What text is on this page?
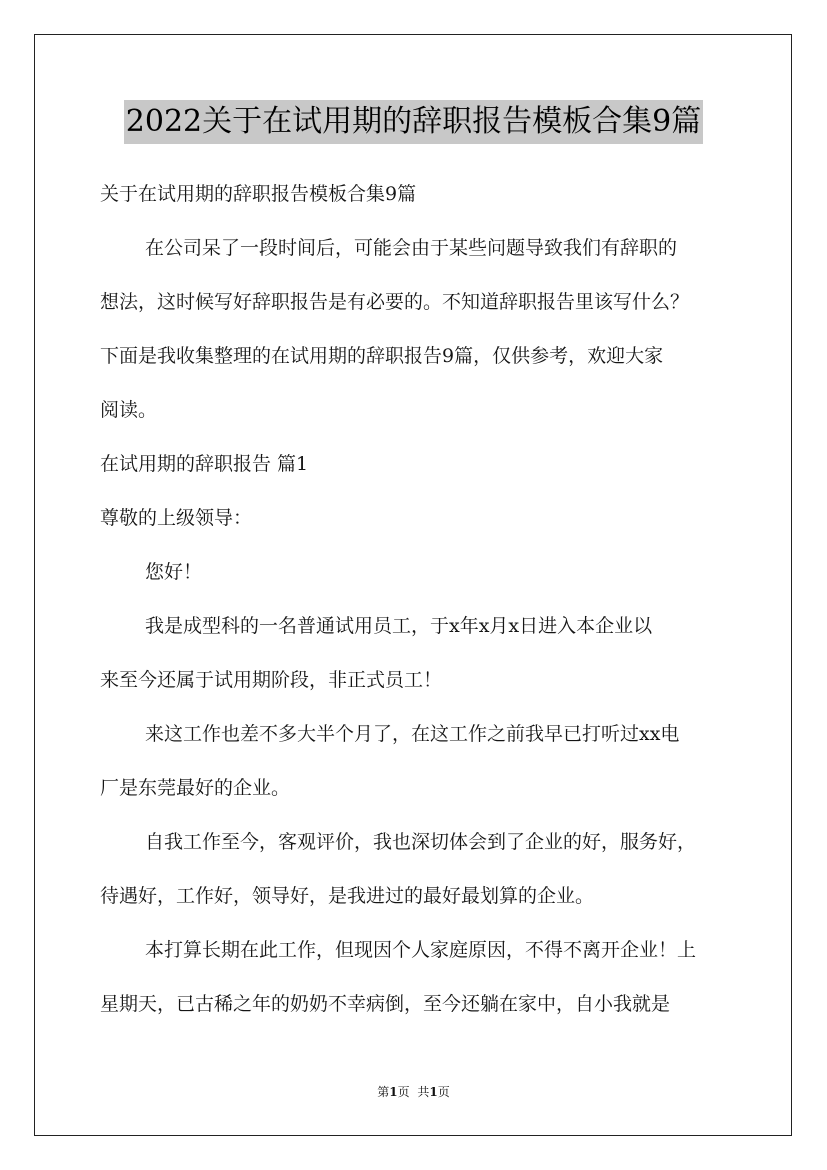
2022关于在试用期的辞职报告模板合集9篇
关于在试用期的辞职报告模板合集9篇
在公司呆了一段时间后，可能会由于某些问题导致我们有辞职的
想法，这时候写好辞职报告是有必要的。不知道辞职报告里该写什么？
下面是我收集整理的在试用期的辞职报告9篇，仅供参考，欢迎大家
阅读。
在试用期的辞职报告 篇1
尊敬的上级领导：
您好！
我是成型科的一名普通试用员工，于x年x月x日进入本企业以
来至今还属于试用期阶段，非正式员工！
来这工作也差不多大半个月了，在这工作之前我早已打听过xx电
厂是东莞最好的企业。
自我工作至今，客观评价，我也深切体会到了企业的好，服务好，
待遇好，工作好，领导好，是我进过的最好最划算的企业。
本打算长期在此工作，但现因个人家庭原因，不得不离开企业！上
星期天，已古稀之年的奶奶不幸病倒，至今还躺在家中，自小我就是
第1页 共1页
